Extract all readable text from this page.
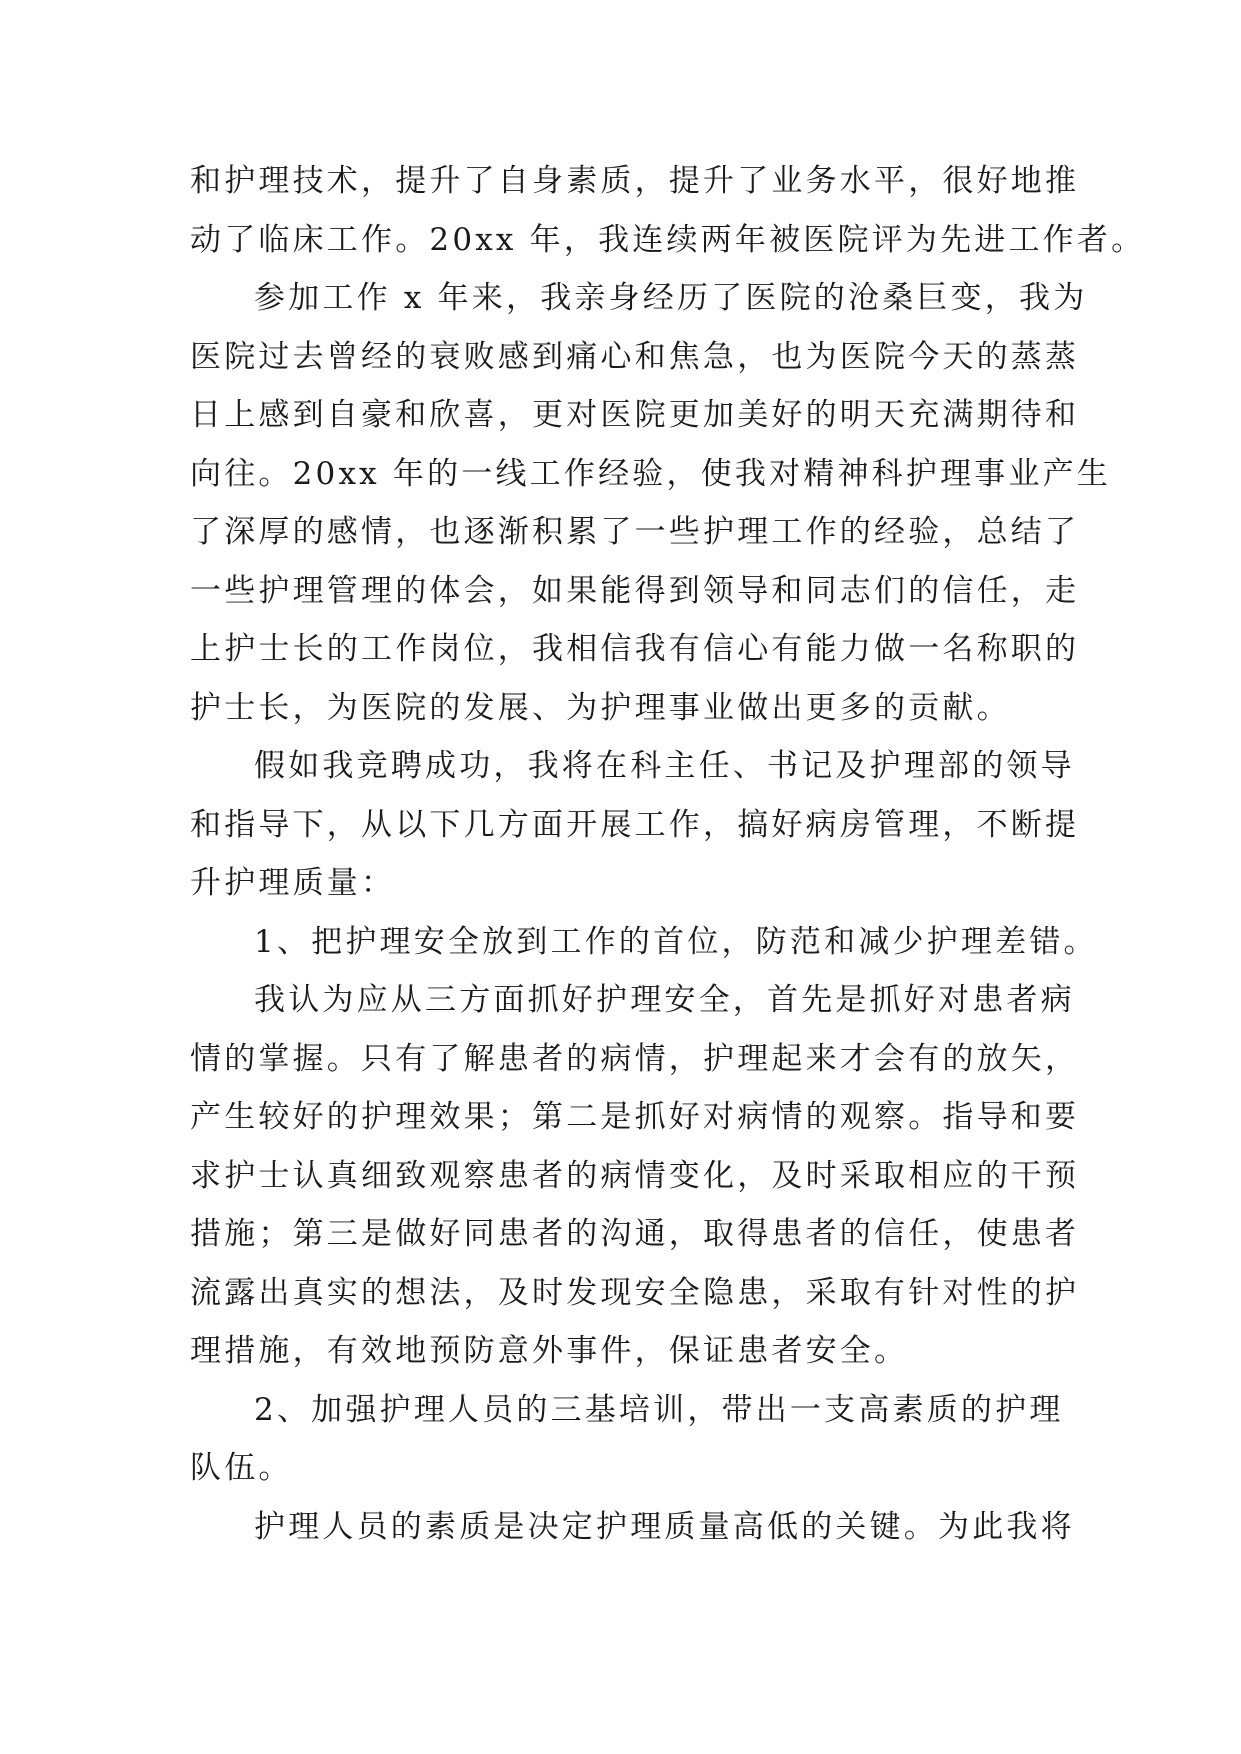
和护理技术，提升了自身素质，提升了业务水平，很好地推
动了临床工作。20xx 年，我连续两年被医院评为先进工作者。
参加工作 x 年来，我亲身经历了医院的沧桑巨变，我为
医院过去曾经的衰败感到痛心和焦急，也为医院今天的蒸蒸
日上感到自豪和欣喜，更对医院更加美好的明天充满期待和
向往。20xx 年的一线工作经验，使我对精神科护理事业产生
了深厚的感情，也逐渐积累了一些护理工作的经验，总结了
一些护理管理的体会，如果能得到领导和同志们的信任，走
上护士长的工作岗位，我相信我有信心有能力做一名称职的
护士长，为医院的发展、为护理事业做出更多的贡献。
假如我竞聘成功，我将在科主任、书记及护理部的领导
和指导下，从以下几方面开展工作，搞好病房管理，不断提
升护理质量：
1、把护理安全放到工作的首位，防范和减少护理差错。
我认为应从三方面抓好护理安全，首先是抓好对患者病
情的掌握。只有了解患者的病情，护理起来才会有的放矢，
产生较好的护理效果；第二是抓好对病情的观察。指导和要
求护士认真细致观察患者的病情变化，及时采取相应的干预
措施；第三是做好同患者的沟通，取得患者的信任，使患者
流露出真实的想法，及时发现安全隐患，采取有针对性的护
理措施，有效地预防意外事件，保证患者安全。
2、加强护理人员的三基培训，带出一支高素质的护理
队伍。
护理人员的素质是决定护理质量高低的关键。为此我将
